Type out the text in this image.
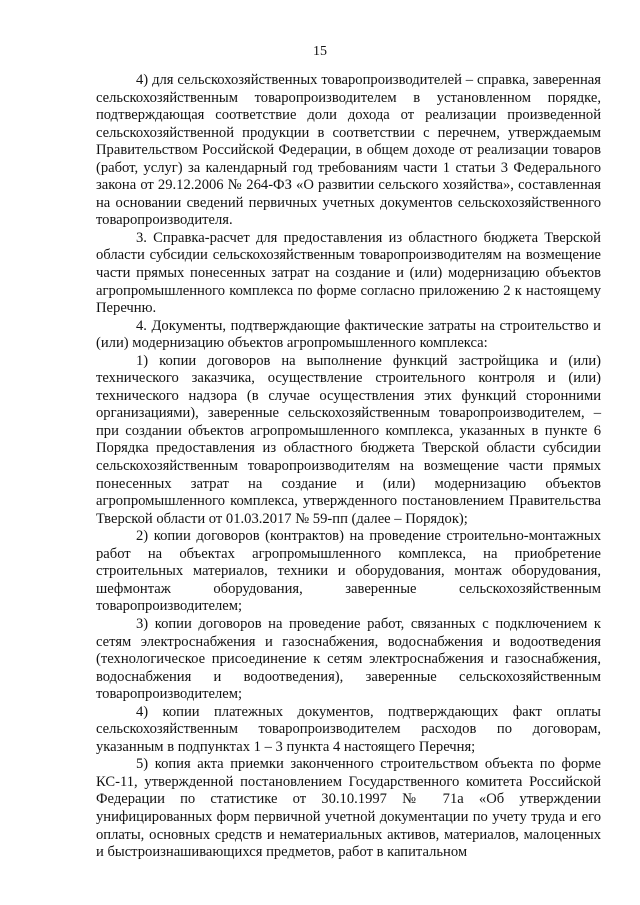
15

4) для сельскохозяйственных товаропроизводителей – справка, заверенная сельскохозяйственным товаропроизводителем в установленном порядке, подтверждающая соответствие доли дохода от реализации произведенной сельскохозяйственной продукции в соответствии с перечнем, утверждаемым Правительством Российской Федерации, в общем доходе от реализации товаров (работ, услуг) за календарный год требованиям части 1 статьи 3 Федерального закона от 29.12.2006 № 264-ФЗ «О развитии сельского хозяйства», составленная на основании сведений первичных учетных документов сельскохозяйственного товаропроизводителя.

3. Справка-расчет для предоставления из областного бюджета Тверской области субсидии сельскохозяйственным товаропроизводителям на возмещение части прямых понесенных затрат на создание и (или) модернизацию объектов агропромышленного комплекса по форме согласно приложению 2 к настоящему Перечню.

4. Документы, подтверждающие фактические затраты на строительство и (или) модернизацию объектов агропромышленного комплекса:

1) копии договоров на выполнение функций застройщика и (или) технического заказчика, осуществление строительного контроля и (или) технического надзора (в случае осуществления этих функций сторонними организациями), заверенные сельскохозяйственным товаропроизводителем, – при создании объектов агропромышленного комплекса, указанных в пункте 6 Порядка предоставления из областного бюджета Тверской области субсидии сельскохозяйственным товаропроизводителям на возмещение части прямых понесенных затрат на создание и (или) модернизацию объектов агропромышленного комплекса, утвержденного постановлением Правительства Тверской области от 01.03.2017 № 59-пп (далее – Порядок);

2) копии договоров (контрактов) на проведение строительно-монтажных работ на объектах агропромышленного комплекса, на приобретение строительных материалов, техники и оборудования, монтаж оборудования, шефмонтаж оборудования, заверенные сельскохозяйственным товаропроизводителем;

3) копии договоров на проведение работ, связанных с подключением к сетям электроснабжения и газоснабжения, водоснабжения и водоотведения (технологическое присоединение к сетям электроснабжения и газоснабжения, водоснабжения и водоотведения), заверенные сельскохозяйственным товаропроизводителем;

4) копии платежных документов, подтверждающих факт оплаты сельскохозяйственным товаропроизводителем расходов по договорам, указанным в подпунктах 1 – 3 пункта 4 настоящего Перечня;

5) копия акта приемки законченного строительством объекта по форме КС-11, утвержденной постановлением Государственного комитета Российской Федерации по статистике от 30.10.1997 № 71а «Об утверждении унифицированных форм первичной учетной документации по учету труда и его оплаты, основных средств и нематериальных активов, материалов, малоценных и быстроизнашивающихся предметов, работ в капитальном
